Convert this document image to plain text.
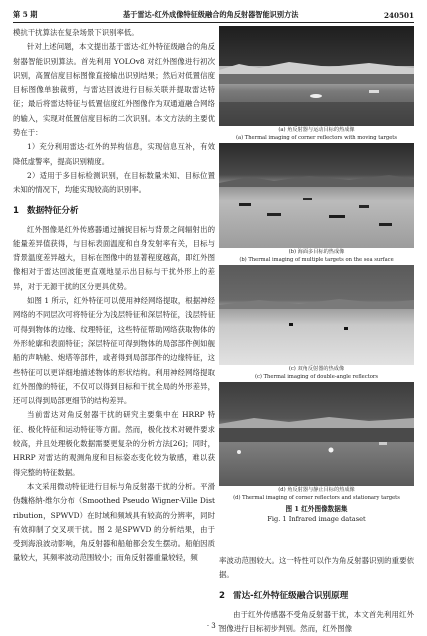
第 5 期	基于雷达-红外成像特征级融合的角反射器智能识别方法	240501

模抗干扰算法在复杂场景下识别率低。

针对上述问题，本文提出基于雷达-红外特征级融合的角反射器智能识别算法。首先利用 YOLOv8 对红外图像进行初次识别，高置信度目标图像直接输出识别结果；然后对低置信度目标图像单独裁剪，与雷达回波进行目标关联并提取雷达特征；最后将雷达特征与低置信度红外图像作为双通道融合网络的输入，实现对低置信度目标的二次识别。本文方法的主要优势在于：

1）充分利用雷达-红外的异构信息，实现信息互补，有效降低虚警率，提高识别精度。

2）适用于多目标检测识别，在目标数量未知、目标位置未知的情况下，均能实现较高的识别率。

1 数据特征分析

红外图像是红外传感器通过捕捉目标与背景之间辐射出的能量差异值获得，与目标表面温度和自身发射率有关，目标与背景温度差异越大，目标在图像中的显著程度越高，即红外图像相对于雷达回波能更直观地显示出目标与干扰外形上的差异，对于无源干扰的区分更具优势。

如图 1 所示，红外特征可以使用神经网络提取，根据神经网络的不同层次可将特征分为浅层特征和深层特征，浅层特征可得到物体的边缘、纹理特征，这些特征帮助网络获取物体的外形轮廓和表面特征；深层特征可得到物体的局部部件例如舰船的声呐舱、炮塔等部件，或者得到局部部件的边缘特征，这些特征可以更详细地描述物体的形状结构。利用神经网络提取红外图像的特征，不仅可以得到目标和干扰全局的外形差异，还可以得到局部更细节的结构差异。

当前雷达对角反射器干扰的研究主要集中在 HRRP 特征、极化特征和运动特征等方面。然而，极化技术对硬件要求较高，并且处理极化数据需要更复杂的分析方法[26]；同时，HRRP 对雷达的观测角度和目标姿态变化较为敏感，难以获得完整的特征数据。

本文采用微动特征进行目标与角反射器干扰的分析。平滑伪魏格纳-维尔分布（Smoothed Pseudo Wigner-Ville Distribution，SPWVD）在时域和频域具有较高的分辨率，同时有效抑制了交叉项干扰。图 2 是SPWVD 的分析结果，由于受到海浪波动影响，角反射器和船舶都会发生摆动。船舶因质量较大，其频率波动范围较小；而角反射器重量较轻，频

(a) 角反射器与运动目标的热成像
(a) Thermal imaging of corner reflectors with moving targets
(b) 海面多目标的热成像
(b) Thermal imaging of multiple targets on the sea surface
(c) 双角反射器的热成像
(c) Thermal imaging of double-angle reflectors
(d) 角反射器与静止目标的热成像
(d) Thermal imaging of corner reflectors and stationary targets
图 1 红外图像数据集
Fig. 1 Infrared image dataset

率波动范围较大。这一特性可以作为角反射器识别的重要依据。

2 雷达-红外特征级融合识别原理

由于红外传感器不受角反射器干扰，本文首先利用红外图像进行目标初步判别。然而，红外图像

· 3 ·
